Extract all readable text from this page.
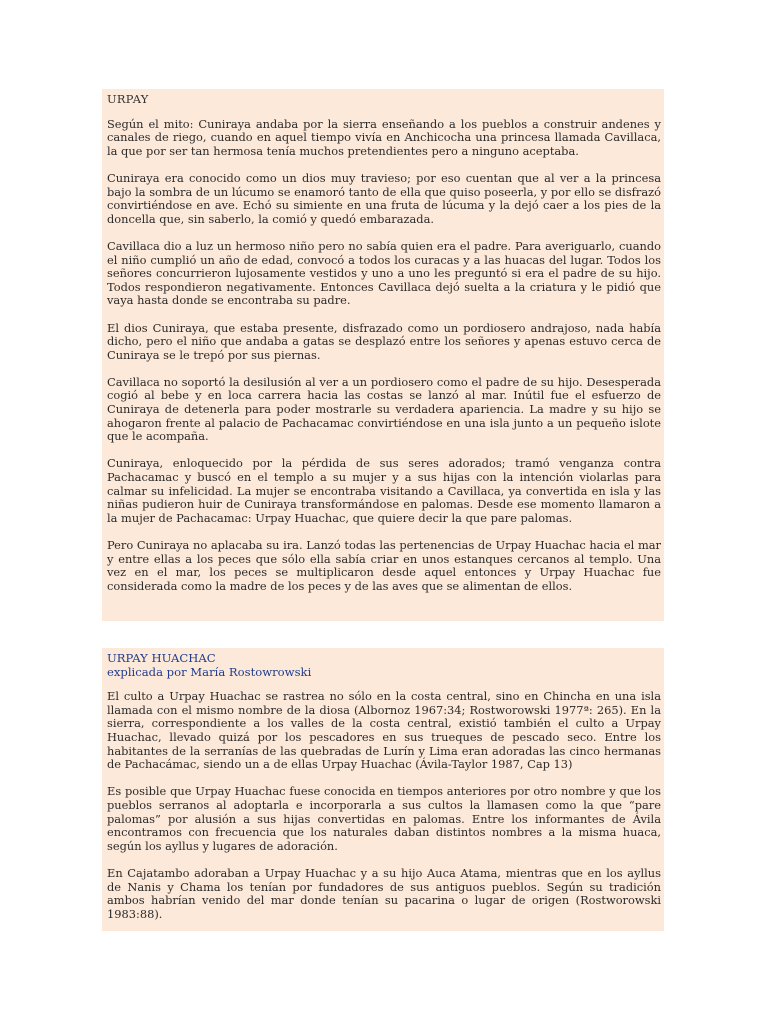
URPAY

Según el mito: Cuniraya andaba por la sierra enseñando a los pueblos a construir andenes y canales de riego, cuando en aquel tiempo vivía en Anchicocha una princesa llamada Cavillaca, la que por ser tan hermosa tenía muchos pretendientes pero a ninguno aceptaba.

Cuniraya era conocido como un dios muy travieso; por eso cuentan que al ver a la princesa bajo la sombra de un lúcumo se enamoró tanto de ella que quiso poseerla, y por ello se disfrazó convirtiéndose en ave. Echó su simiente en una fruta de lúcuma y la dejó caer a los pies de la doncella que, sin saberlo, la comió y quedó embarazada.

Cavillaca dio a luz un hermoso niño pero no sabía quien era el padre. Para averiguarlo, cuando el niño cumplió un año de edad, convocó a todos los curacas y a las huacas del lugar. Todos los señores concurrieron lujosamente vestidos y uno a uno les preguntó si era el padre de su hijo. Todos respondieron negativamente. Entonces Cavillaca dejó suelta a la criatura y le pidió que vaya hasta donde se encontraba su padre.

El dios Cuniraya, que estaba presente, disfrazado como un pordiosero andrajoso, nada había dicho, pero el niño que andaba a gatas se desplazó entre los señores y apenas estuvo cerca de Cuniraya se le trepó por sus piernas.

Cavillaca no soportó la desilusión al ver a un pordiosero como el padre de su hijo. Desesperada cogió al bebe y en loca carrera hacia las costas se lanzó al mar. Inútil fue el esfuerzo de Cuniraya de detenerla para poder mostrarle su verdadera apariencia. La madre y su hijo se ahogaron frente al palacio de Pachacamac convirtiéndose en una isla junto a un pequeño islote que le acompaña.

Cuniraya, enloquecido por la pérdida de sus seres adorados; tramó venganza contra Pachacamac y buscó en el templo a su mujer y a sus hijas con la intención violarlas para calmar su infelicidad. La mujer se encontraba visitando a Cavillaca, ya convertida en isla y las niñas pudieron huir de Cuniraya transformándose en palomas. Desde ese momento llamaron a la mujer de Pachacamac: Urpay Huachac, que quiere decir la que pare palomas.

Pero Cuniraya no aplacaba su ira. Lanzó todas las pertenencias de Urpay Huachac hacia el mar y entre ellas a los peces que sólo ella sabía criar en unos estanques cercanos al templo. Una vez en el mar, los peces se multiplicaron desde aquel entonces y Urpay Huachac fue considerada como la madre de los peces y de las aves que se alimentan de ellos.

URPAY HUACHAC
explicada por María Rostowrowski

El culto a Urpay Huachac se rastrea no sólo en la costa central, sino en Chincha en una isla llamada con el mismo nombre de la diosa (Albornoz 1967:34; Rostworowski 1977ª: 265). En la sierra, correspondiente a los valles de la costa central, existió también el culto a Urpay Huachac, llevado quizá por los pescadores en sus trueques de pescado seco. Entre los habitantes de la serranías de las quebradas de Lurín y Lima eran adoradas las cinco hermanas de Pachacámac, siendo un a de ellas Urpay Huachac (Ávila-Taylor 1987, Cap 13)

Es posible que Urpay Huachac fuese conocida en tiempos anteriores por otro nombre y que los pueblos serranos al adoptarla e incorporarla a sus cultos la llamasen como la que “pare palomas” por alusión a sus hijas convertidas en palomas. Entre los informantes de Ávila encontramos con frecuencia que los naturales daban distintos nombres a la misma huaca, según los ayllus y lugares de adoración.

En Cajatambo adoraban a Urpay Huachac y a su hijo Auca Atama, mientras que en los ayllus de Nanis y Chama los tenían por fundadores de sus antiguos pueblos. Según su tradición ambos habrían venido del mar donde tenían su pacarina o lugar de origen (Rostworowski 1983:88).
